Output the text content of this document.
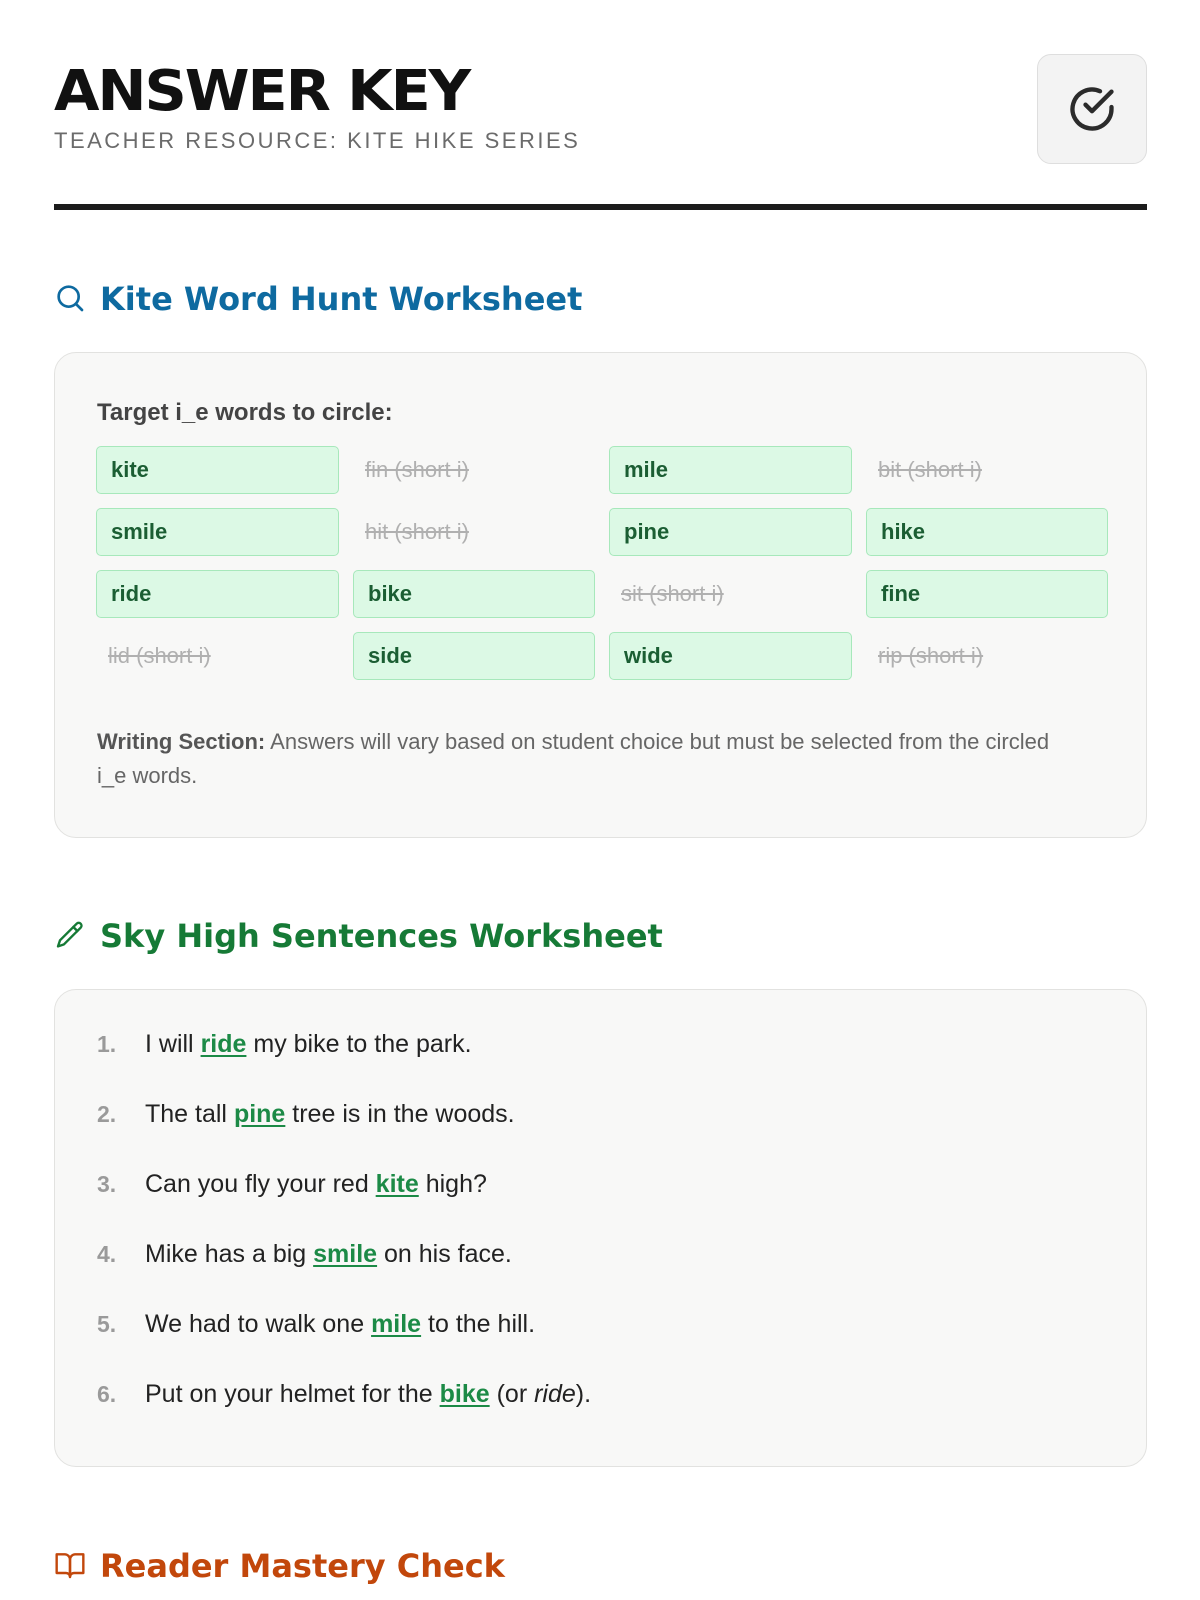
ANSWER KEY
TEACHER RESOURCE: KITE HIKE SERIES
Kite Word Hunt Worksheet
Target i_e words to circle:
kite	fin (short i)	mile	bit (short i)
smile	hit (short i)	pine	hike
ride	bike	sit (short i)	fine
lid (short i)	side	wide	rip (short i)
Writing Section: Answers will vary based on student choice but must be selected from the circled i_e words.
Sky High Sentences Worksheet
1.	I will ride my bike to the park.
2.	The tall pine tree is in the woods.
3.	Can you fly your red kite high?
4.	Mike has a big smile on his face.
5.	We had to walk one mile to the hill.
6.	Put on your helmet for the bike (or ride).
Reader Mastery Check
